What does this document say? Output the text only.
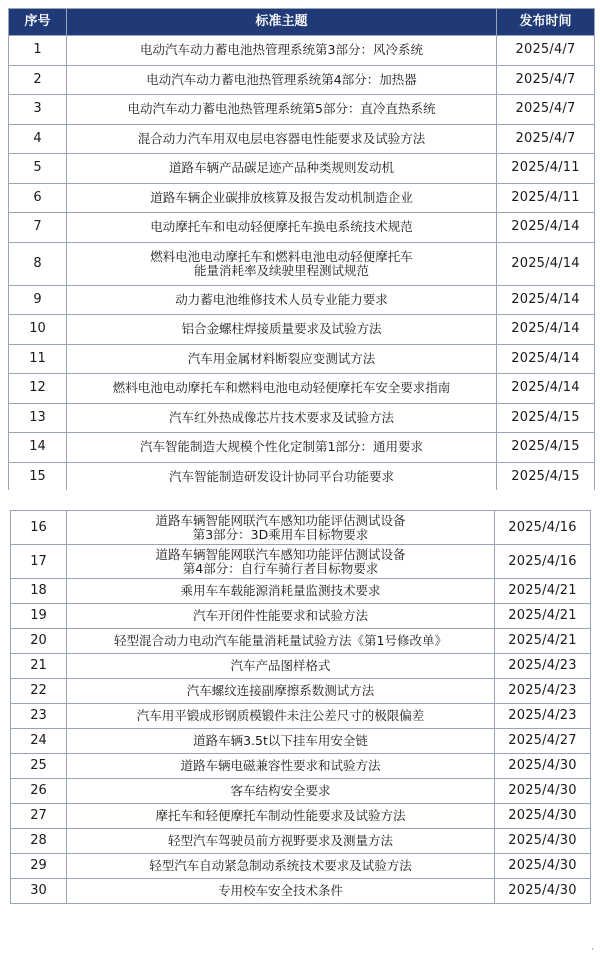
序号	标准主题	发布时间
1	电动汽车动力蓄电池热管理系统第3部分：风冷系统	2025/4/7
2	电动汽车动力蓄电池热管理系统第4部分：加热器	2025/4/7
3	电动汽车动力蓄电池热管理系统第5部分：直冷直热系统	2025/4/7
4	混合动力汽车用双电层电容器电性能要求及试验方法	2025/4/7
5	道路车辆产品碳足迹产品种类规则发动机	2025/4/11
6	道路车辆企业碳排放核算及报告发动机制造企业	2025/4/11
7	电动摩托车和电动轻便摩托车换电系统技术规范	2025/4/14
8	燃料电池电动摩托车和燃料电池电动轻便摩托车
能量消耗率及续驶里程测试规范	2025/4/14
9	动力蓄电池维修技术人员专业能力要求	2025/4/14
10	铝合金螺柱焊接质量要求及试验方法	2025/4/14
11	汽车用金属材料断裂应变测试方法	2025/4/14
12	燃料电池电动摩托车和燃料电池电动轻便摩托车安全要求指南	2025/4/14
13	汽车红外热成像芯片技术要求及试验方法	2025/4/15
14	汽车智能制造大规模个性化定制第1部分：通用要求	2025/4/15
15	汽车智能制造研发设计协同平台功能要求	2025/4/15
16	道路车辆智能网联汽车感知功能评估测试设备
第3部分：3D乘用车目标物要求	2025/4/16
17	道路车辆智能网联汽车感知功能评估测试设备
第4部分：自行车骑行者目标物要求	2025/4/16
18	乘用车车载能源消耗量监测技术要求	2025/4/21
19	汽车开闭件性能要求和试验方法	2025/4/21
20	轻型混合动力电动汽车能量消耗量试验方法《第1号修改单》	2025/4/21
21	汽车产品图样格式	2025/4/23
22	汽车螺纹连接副摩擦系数测试方法	2025/4/23
23	汽车用平锻成形钢质模锻件未注公差尺寸的极限偏差	2025/4/23
24	道路车辆3.5t以下挂车用安全链	2025/4/27
25	道路车辆电磁兼容性要求和试验方法	2025/4/30
26	客车结构安全要求	2025/4/30
27	摩托车和轻便摩托车制动性能要求及试验方法	2025/4/30
28	轻型汽车驾驶员前方视野要求及测量方法	2025/4/30
29	轻型汽车自动紧急制动系统技术要求及试验方法	2025/4/30
30	专用校车安全技术条件	2025/4/30
·
